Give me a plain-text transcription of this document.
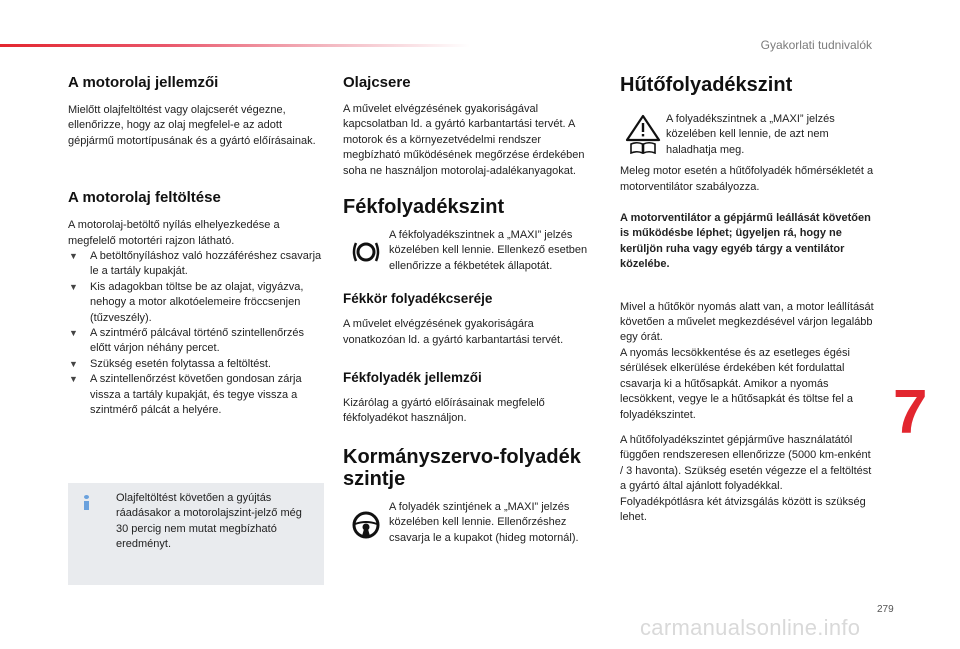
Gyakorlati tudnivalók
A motorolaj jellemzői

Mielőtt olajfeltöltést vagy olajcserét végezne, ellenőrizze, hogy az olaj megfelel-e az adott gépjármű motortípusának és a gyártó előírásainak.

A motorolaj feltöltése

A motorolaj-betöltő nyílás elhelyezkedése a megfelelő motortéri rajzon látható.

▼ A betöltőnyíláshoz való hozzáféréshez csavarja le a tartály kupakját.
▼ Kis adagokban töltse be az olajat, vigyázva, nehogy a motor alkotóelemeire fröccsenjen (tűzveszély).
▼ A szintmérő pálcával történő szintellenőrzés előtt várjon néhány percet.
▼ Szükség esetén folytassa a feltöltést.
▼ A szintellenőrzést követően gondosan zárja vissza a tartály kupakját, és tegye vissza a szintmérő pálcát a helyére.

Olajfeltöltést követően a gyújtás ráadásakor a motorolajszint-jelző még 30 percig nem mutat megbízható eredményt.

Olajcsere

A művelet elvégzésének gyakoriságával kapcsolatban ld. a gyártó karbantartási tervét. A motorok és a környezetvédelmi rendszer megbízható működésének megőrzése érdekében soha ne használjon motorolaj-adalékanyagokat.

Fékfolyadékszint

A fékfolyadékszintnek a „MAXI” jelzés közelében kell lennie. Ellenkező esetben ellenőrizze a fékbetétek állapotát.

Fékkör folyadékcseréje

A művelet elvégzésének gyakoriságára vonatkozóan ld. a gyártó karbantartási tervét.

Fékfolyadék jellemzői

Kizárólag a gyártó előírásainak megfelelő fékfolyadékot használjon.

Kormányszervo-folyadék szintje

A folyadék szintjének a „MAXI” jelzés közelében kell lennie. Ellenőrzéshez csavarja le a kupakot (hideg motornál).

Hűtőfolyadékszint

A folyadékszintnek a „MAXI” jelzés közelében kell lennie, de azt nem haladhatja meg.

Meleg motor esetén a hűtőfolyadék hőmérsékletét a motorventilátor szabályozza.

A motorventilátor a gépjármű leállását követően is működésbe léphet; ügyeljen rá, hogy ne kerüljön ruha vagy egyéb tárgy a ventilátor közelébe.

Mivel a hűtőkör nyomás alatt van, a motor leállítását követően a művelet megkezdésével várjon legalább egy órát.

A nyomás lecsökkentése és az esetleges égési sérülések elkerülése érdekében két fordulattal csavarja ki a hűtősapkát. Amikor a nyomás lecsökkent, vegye le a hűtősapkát és töltse fel a folyadékszintet.

A hűtőfolyadékszintet gépjárműve használatától függően rendszeresen ellenőrizze (5000 km-enként / 3 havonta). Szükség esetén végezze el a feltöltést a gyártó által ajánlott folyadékkal.

Folyadékpótlásra két átvizsgálás között is szükség lehet.

7
279
carmanualsonline.info
